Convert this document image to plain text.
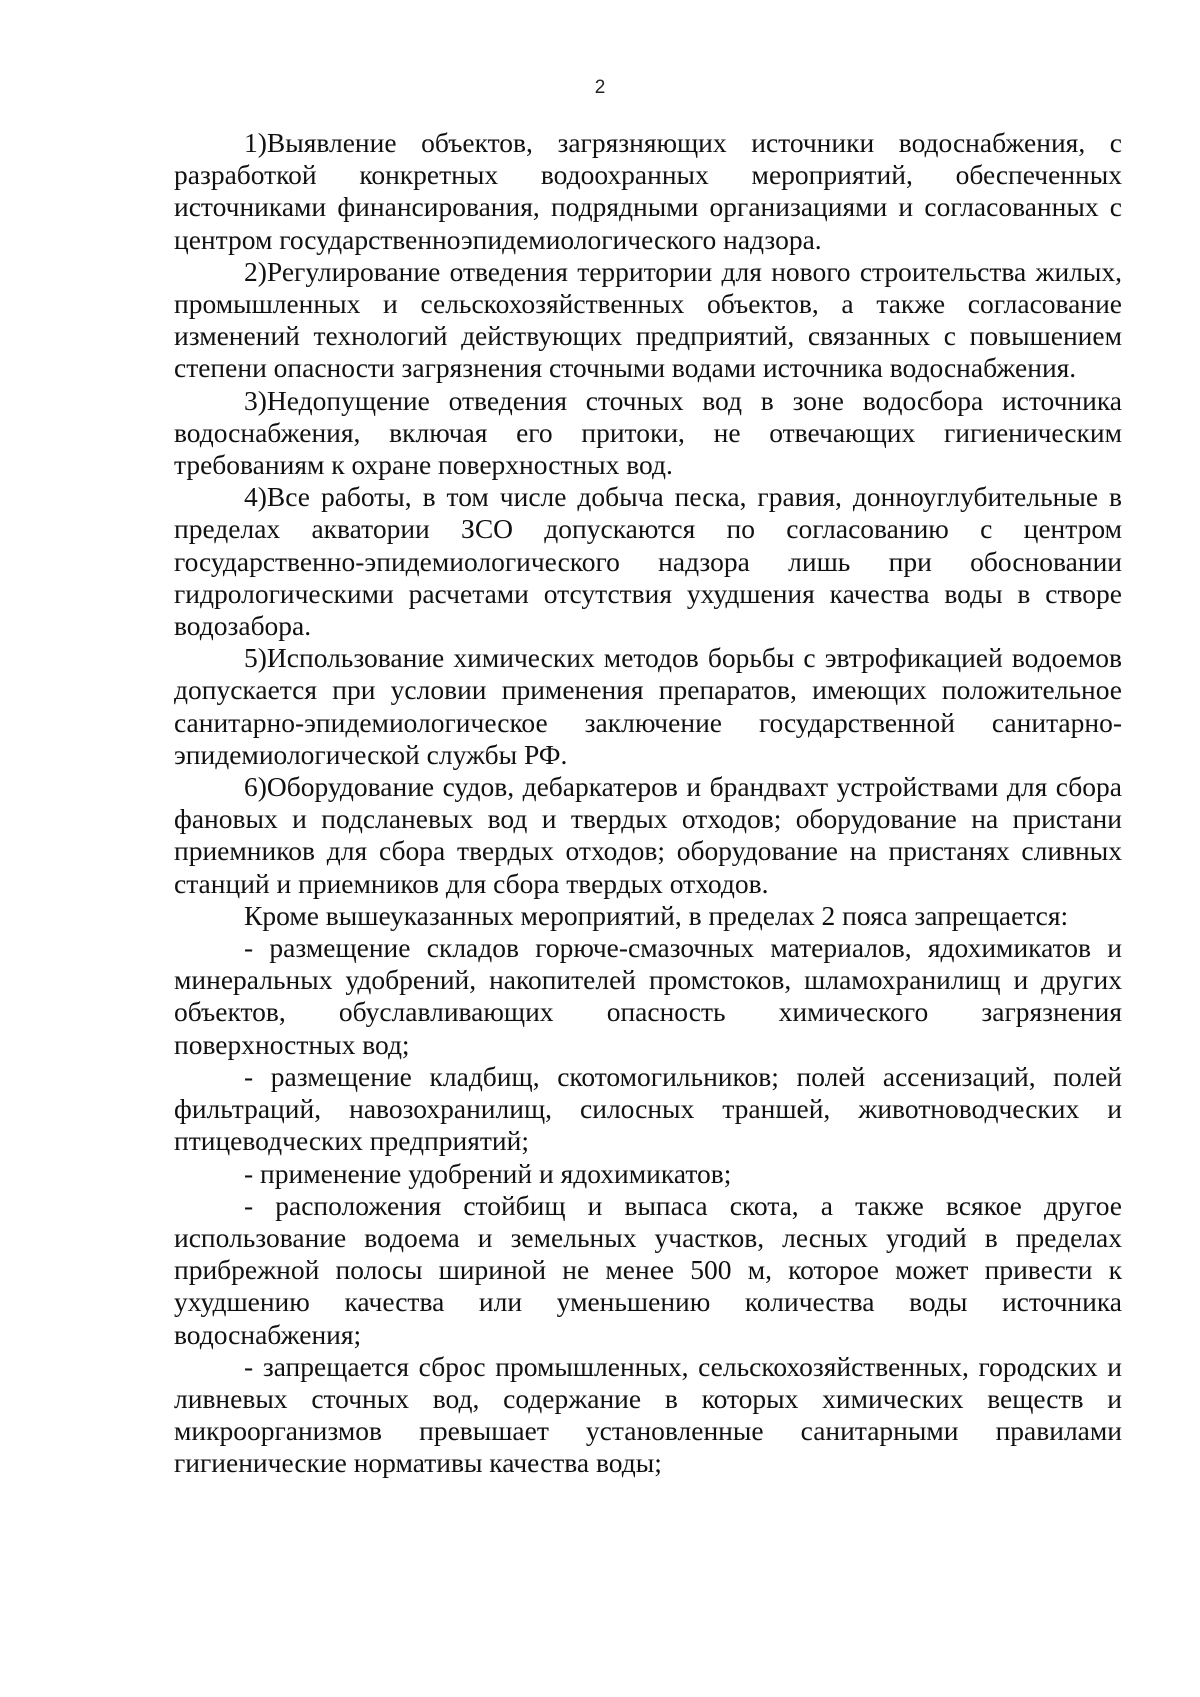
2

1)Выявление объектов, загрязняющих источники водоснабжения, с разработкой конкретных водоохранных мероприятий, обеспеченных источниками финансирования, подрядными организациями и согласованных с центром государственноэпидемиологического надзора.

2)Регулирование отведения территории для нового строительства жилых, промышленных и сельскохозяйственных объектов, а также согласование изменений технологий действующих предприятий, связанных с повышением степени опасности загрязнения сточными водами источника водоснабжения.

3)Недопущение отведения сточных вод в зоне водосбора источника водоснабжения, включая его притоки, не отвечающих гигиеническим требованиям к охране поверхностных вод.

4)Все работы, в том числе добыча песка, гравия, донноуглубительные в пределах акватории ЗСО допускаются по согласованию с центром государственно-эпидемиологического надзора лишь при обосновании гидрологическими расчетами отсутствия ухудшения качества воды в створе водозабора.

5)Использование химических методов борьбы с эвтрофикацией водоемов допускается при условии применения препаратов, имеющих положительное санитарно-эпидемиологическое заключение государственной санитарно-эпидемиологической службы РФ.

6)Оборудование судов, дебаркатеров и брандвахт устройствами для сбора фановых и подсланевых вод и твердых отходов; оборудование на пристани приемников для сбора твердых отходов; оборудование на пристанях сливных станций и приемников для сбора твердых отходов.

Кроме вышеуказанных мероприятий, в пределах 2 пояса запрещается:

- размещение складов горюче-смазочных материалов, ядохимикатов и минеральных удобрений, накопителей промстоков, шламохранилищ и других объектов, обуславливающих опасность химического загрязнения поверхностных вод;

- размещение кладбищ, скотомогильников; полей ассенизаций, полей фильтраций, навозохранилищ, силосных траншей, животноводческих и птицеводческих предприятий;

- применение удобрений и ядохимикатов;

- расположения стойбищ и выпаса скота, а также всякое другое использование водоема и земельных участков, лесных угодий в пределах прибрежной полосы шириной не менее 500 м, которое может привести к ухудшению качества или уменьшению количества воды источника водоснабжения;

- запрещается сброс промышленных, сельскохозяйственных, городских и ливневых сточных вод, содержание в которых химических веществ и микроорганизмов превышает установленные санитарными правилами гигиенические нормативы качества воды;
